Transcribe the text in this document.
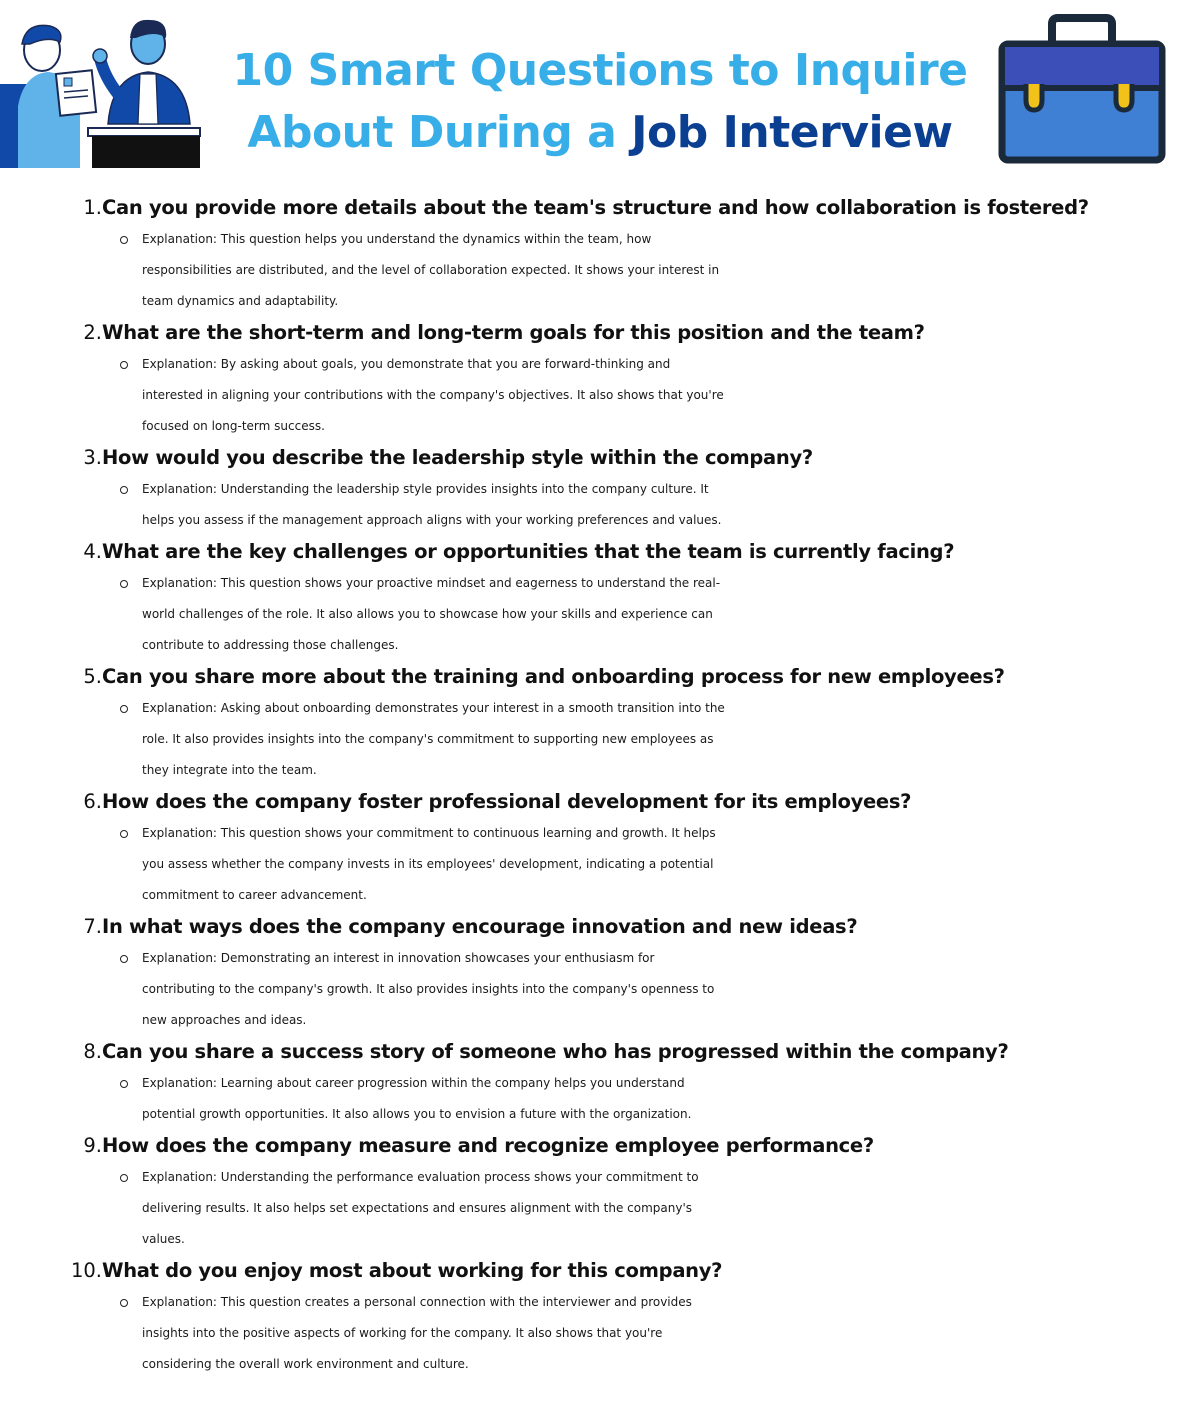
10 Smart Questions to Inquire
About During a Job Interview
1. Can you provide more details about the team's structure and how collaboration is fostered?
Explanation: This question helps you understand the dynamics within the team, how
responsibilities are distributed, and the level of collaboration expected. It shows your interest in
team dynamics and adaptability.
2. What are the short-term and long-term goals for this position and the team?
Explanation: By asking about goals, you demonstrate that you are forward-thinking and
interested in aligning your contributions with the company's objectives. It also shows that you're
focused on long-term success.
3. How would you describe the leadership style within the company?
Explanation: Understanding the leadership style provides insights into the company culture. It
helps you assess if the management approach aligns with your working preferences and values.
4. What are the key challenges or opportunities that the team is currently facing?
Explanation: This question shows your proactive mindset and eagerness to understand the real-
world challenges of the role. It also allows you to showcase how your skills and experience can
contribute to addressing those challenges.
5. Can you share more about the training and onboarding process for new employees?
Explanation: Asking about onboarding demonstrates your interest in a smooth transition into the
role. It also provides insights into the company's commitment to supporting new employees as
they integrate into the team.
6. How does the company foster professional development for its employees?
Explanation: This question shows your commitment to continuous learning and growth. It helps
you assess whether the company invests in its employees' development, indicating a potential
commitment to career advancement.
7. In what ways does the company encourage innovation and new ideas?
Explanation: Demonstrating an interest in innovation showcases your enthusiasm for
contributing to the company's growth. It also provides insights into the company's openness to
new approaches and ideas.
8. Can you share a success story of someone who has progressed within the company?
Explanation: Learning about career progression within the company helps you understand
potential growth opportunities. It also allows you to envision a future with the organization.
9. How does the company measure and recognize employee performance?
Explanation: Understanding the performance evaluation process shows your commitment to
delivering results. It also helps set expectations and ensures alignment with the company's
values.
10. What do you enjoy most about working for this company?
Explanation: This question creates a personal connection with the interviewer and provides
insights into the positive aspects of working for the company. It also shows that you're
considering the overall work environment and culture.
